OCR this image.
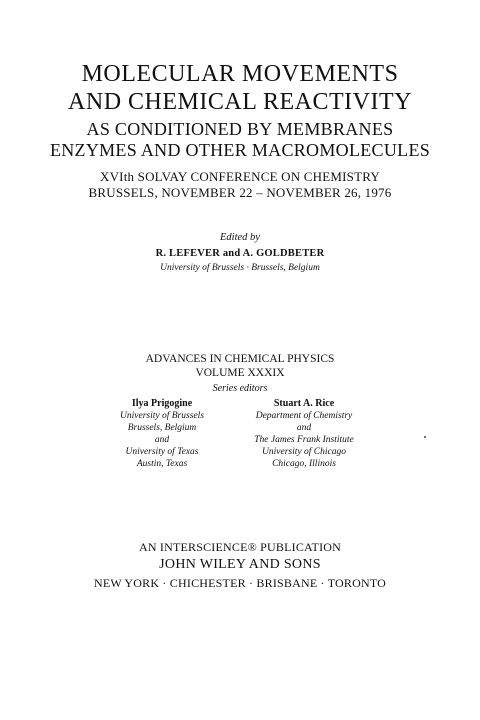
MOLECULAR MOVEMENTS
AND CHEMICAL REACTIVITY
AS CONDITIONED BY MEMBRANES
ENZYMES AND OTHER MACROMOLECULES
XVIth SOLVAY CONFERENCE ON CHEMISTRY
BRUSSELS, NOVEMBER 22 – NOVEMBER 26, 1976
Edited by
R. LEFEVER and A. GOLDBETER
University of Brussels · Brussels, Belgium
ADVANCES IN CHEMICAL PHYSICS
VOLUME XXXIX
Series editors
Ilya Prigogine
University of Brussels
Brussels, Belgium
and
University of Texas
Austin, Texas
Stuart A. Rice
Department of Chemistry
and
The James Frank Institute
University of Chicago
Chicago, Illinois
AN INTERSCIENCE® PUBLICATION
JOHN WILEY AND SONS
NEW YORK · CHICHESTER · BRISBANE · TORONTO
